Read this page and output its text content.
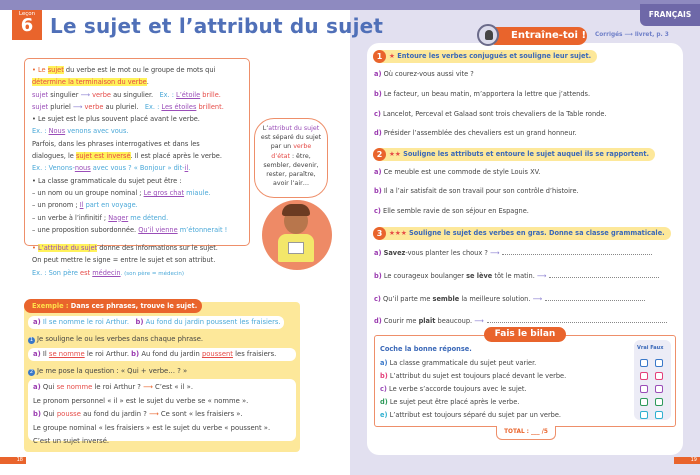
Leçon
6 Le sujet et l’attribut du sujet

• Le sujet du verbe est le mot ou le groupe de mots qui

détermine la terminaison du verbe.

sujet singulier ⟶ verbe au singulier. Ex. : L’étoile brille.

sujet pluriel ⟶ verbe au pluriel. Ex. : Les étoiles brillent.

• Le sujet est le plus souvent placé avant le verbe.

Ex. : Nous venons avec vous.

Parfois, dans les phrases interrogatives et dans les

dialogues, le sujet est inversé. Il est placé après le verbe.

Ex. : Venons-nous avec vous ? « Bonjour » dit-il.

• La classe grammaticale du sujet peut être :

– un nom ou un groupe nominal ; Le gros chat miaule.

– un pronom ; Il part en voyage.

– un verbe à l’infinitif ; Nager me détend.

– une proposition subordonnée. Qu’il vienne m’étonnerait !

• L’attribut du sujet donne des informations sur le sujet.

On peut mettre le signe = entre le sujet et son attribut.

Ex. : Son père est médecin. (son père = médecin)

L’attribut du sujet
est séparé du sujet
par un verbe
d’état : être,
sembler, devenir,
rester, paraître,
avoir l’air…
Exemple : Dans ces phrases, trouve le sujet.
a) Il se nomme le roi Arthur. b) Au fond du jardin poussent les fraisiers.
1 Je souligne le ou les verbes dans chaque phrase.
a) Il se nomme le roi Arthur. b) Au fond du jardin poussent les fraisiers.
2 Je me pose la question : « Qui + verbe… ? »
a) Qui se nomme le roi Arthur ? ⟶ C’est « il ».
Le pronom personnel « il » est le sujet du verbe se « nomme ».
b) Qui pousse au fond du jardin ? ⟶ Ce sont « les fraisiers ».
Le groupe nominal « les fraisiers » est le sujet du verbe « poussent ».
C’est un sujet inversé.
18
FRANÇAIS
Entraîne-toi ! Corrigés ⟶ livret, p. 3
1	★ Entoure les verbes conjugués et souligne leur sujet.
a) Où courez-vous aussi vite ?
b) Le facteur, un beau matin, m’apportera la lettre que j’attends.
c) Lancelot, Perceval et Galaad sont trois chevaliers de la Table ronde.
d) Présider l’assemblée des chevaliers est un grand honneur.
2	★★ Souligne les attributs et entoure le sujet auquel ils se rapportent.
a) Ce meuble est une commode de style Louis XV.
b) Il a l’air satisfait de son travail pour son contrôle d’histoire.
c) Elle semble ravie de son séjour en Espagne.
3	★★★ Souligne le sujet des verbes en gras. Donne sa classe grammaticale.
a) Savez-vous planter les choux ? ⟶
b) Le courageux boulanger se lève tôt le matin. ⟶
c) Qu’il parte me semble la meilleure solution. ⟶
d) Courir me plaît beaucoup. ⟶
Fais le bilan
Coche la bonne réponse.	Vrai Faux
a) La classe grammaticale du sujet peut varier.
b) L’attribut du sujet est toujours placé devant le verbe.
c) Le verbe s’accorde toujours avec le sujet.
d) Le sujet peut être placé après le verbe.
e) L’attribut est toujours séparé du sujet par un verbe.
TOTAL : ___ /5
19
